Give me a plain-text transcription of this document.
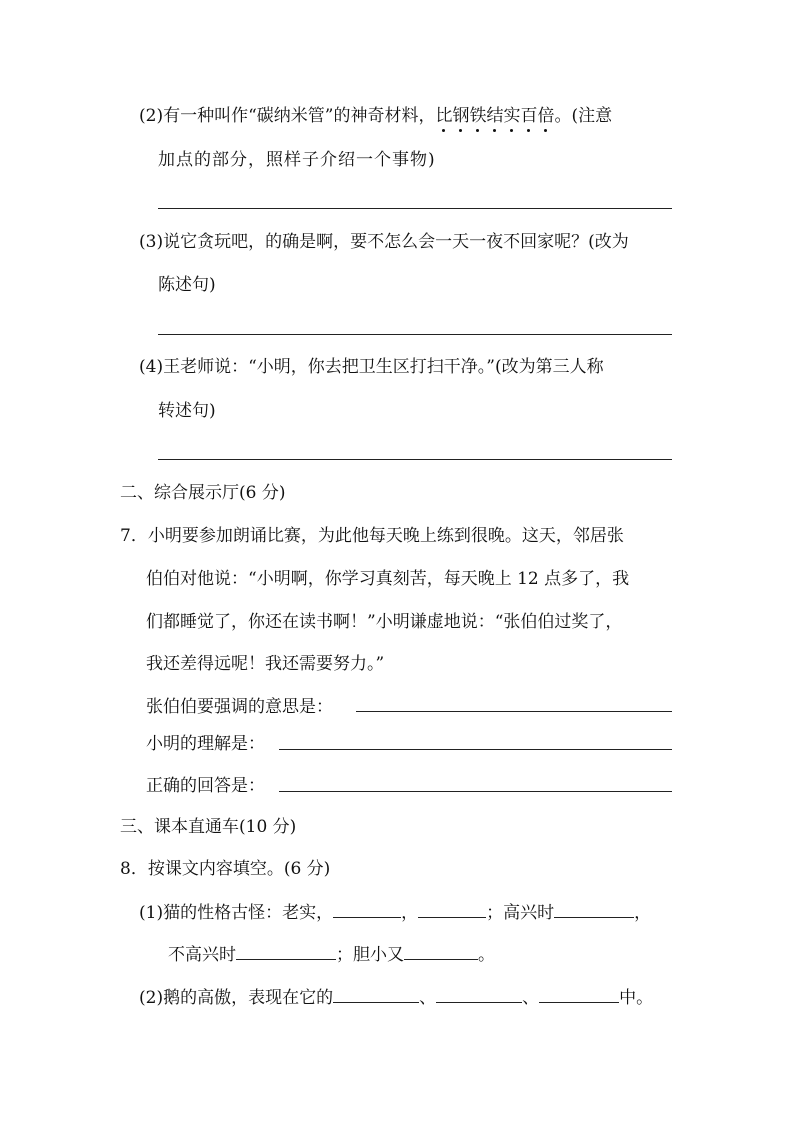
(2)有一种叫作“碳纳米管”的神奇材料，比钢铁结实百倍。(注意
加点的部分，照样子介绍一个事物)
(3)说它贪玩吧，的确是啊，要不怎么会一天一夜不回家呢？(改为
陈述句)
(4)王老师说：“小明，你去把卫生区打扫干净。”(改为第三人称
转述句)
二、综合展示厅(6 分)
7．小明要参加朗诵比赛，为此他每天晚上练到很晚。这天，邻居张
伯伯对他说：“小明啊，你学习真刻苦，每天晚上 12 点多了，我
们都睡觉了，你还在读书啊！”小明谦虚地说：“张伯伯过奖了，
我还差得远呢！我还需要努力。”
张伯伯要强调的意思是：
小明的理解是：
正确的回答是：
三、课本直通车(10 分)
8．按课文内容填空。(6 分)
(1)猫的性格古怪：老实，	，	；高兴时	，
不高兴时	；胆小又	。
(2)鹅的高傲，表现在它的	、	、	中。
